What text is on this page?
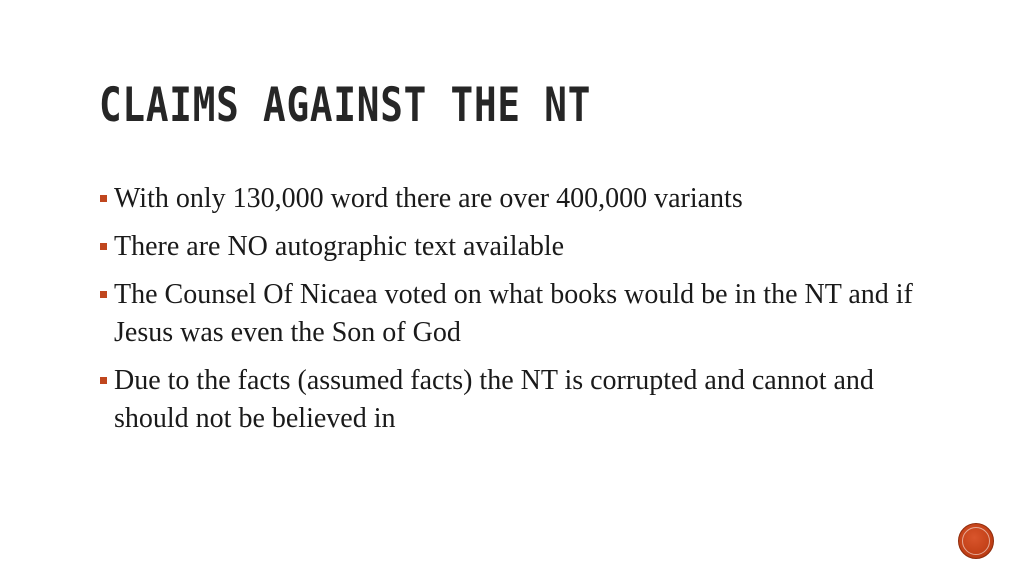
CLAIMS AGAINST THE NT
With only 130,000 word there are over 400,000 variants
There are NO autographic text available
The Counsel Of Nicaea voted on what books would be in the NT and if Jesus was even the Son of God
Due to the facts (assumed facts) the NT is corrupted and cannot and should not be believed in
